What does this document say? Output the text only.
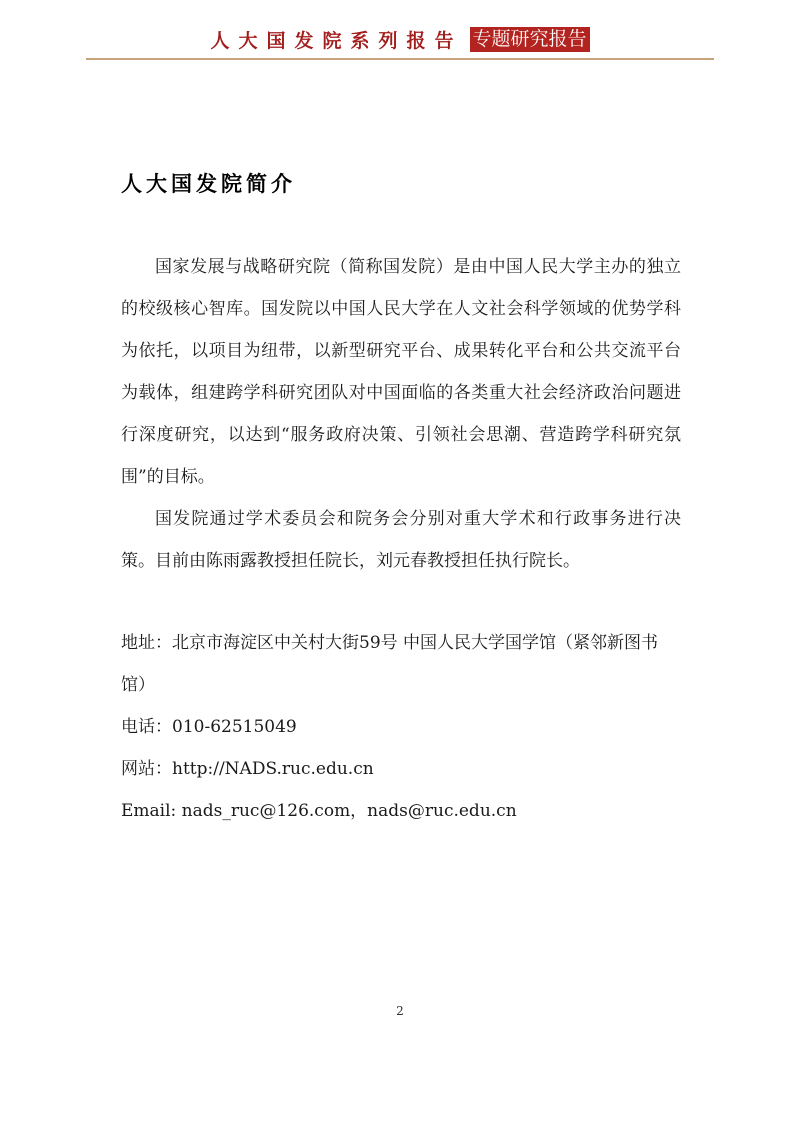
人大国发院系列报告 专题研究报告
人大国发院简介

国家发展与战略研究院（简称国发院）是由中国人民大学主办的独立的校级核心智库。国发院以中国人民大学在人文社会科学领域的优势学科为依托，以项目为纽带，以新型研究平台、成果转化平台和公共交流平台为载体，组建跨学科研究团队对中国面临的各类重大社会经济政治问题进行深度研究，以达到“服务政府决策、引领社会思潮、营造跨学科研究氛围”的目标。

国发院通过学术委员会和院务会分别对重大学术和行政事务进行决策。目前由陈雨露教授担任院长，刘元春教授担任执行院长。

地址：北京市海淀区中关村大街59号 中国人民大学国学馆（紧邻新图书馆）

电话：010-62515049

网站：http://NADS.ruc.edu.cn

Email: nads_ruc@126.com，nads@ruc.edu.cn

2
